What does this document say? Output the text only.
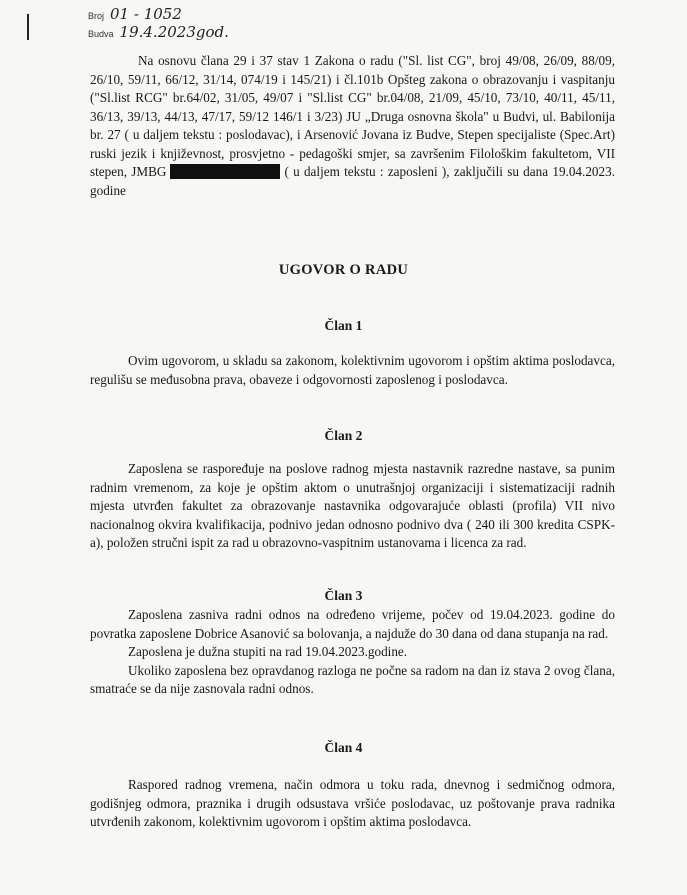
Broj 01 - 1052
Budva 19.4.2023god.
Na osnovu člana 29 i 37 stav 1 Zakona o radu ("Sl. list CG", broj 49/08, 26/09, 88/09, 26/10, 59/11, 66/12, 31/14, 074/19 i 145/21) i čl.101b Opšteg zakona o obrazovanju i vaspitanju ("Sl.list RCG" br.64/02, 31/05, 49/07 i "Sl.list CG" br.04/08, 21/09, 45/10, 73/10, 40/11, 45/11, 36/13, 39/13, 44/13, 47/17, 59/12 146/1 i 3/23) JU „Druga osnovna škola" u Budvi, ul. Babilonija br. 27 ( u daljem tekstu : poslodavac), i Arsenović Jovana iz Budve, Stepen specijaliste (Spec.Art) ruski jezik i književnost, prosvjetno - pedagoški smjer, sa završenim Filološkim fakultetom, VII stepen, JMBG	( u daljem tekstu : zaposleni ), zaključili su dana 19.04.2023. godine
UGOVOR O RADU
Član 1

Ovim ugovorom, u skladu sa zakonom, kolektivnim ugovorom i opštim aktima poslodavca, regulišu se međusobna prava, obaveze i odgovornosti zaposlenog i poslodavca.

Član 2

Zaposlena se raspoređuje na poslove radnog mjesta nastavnik razredne nastave, sa punim radnim vremenom, za koje je opštim aktom o unutrašnjoj organizaciji i sistematizaciji radnih mjesta utvrđen fakultet za obrazovanje nastavnika odgovarajuće oblasti (profila) VII nivo nacionalnog okvira kvalifikacija, podnivo jedan odnosno podnivo dva ( 240 ili 300 kredita CSPK-a), položen stručni ispit za rad u obrazovno-vaspitnim ustanovama i licenca za rad.

Član 3

Zaposlena zasniva radni odnos na određeno vrijeme, počev od 19.04.2023. godine do povratka zaposlene Dobrice Asanović sa bolovanja, a najduže do 30 dana od dana stupanja na rad.

Zaposlena je dužna stupiti na rad 19.04.2023.godine.

Ukoliko zaposlena bez opravdanog razloga ne počne sa radom na dan iz stava 2 ovog člana, smatraće se da nije zasnovala radni odnos.

Član 4

Raspored radnog vremena, način odmora u toku rada, dnevnog i sedmičnog odmora, godišnjeg odmora, praznika i drugih odsustava vršiće poslodavac, uz poštovanje prava radnika utvrđenih zakonom, kolektivnim ugovorom i opštim aktima poslodavca.
